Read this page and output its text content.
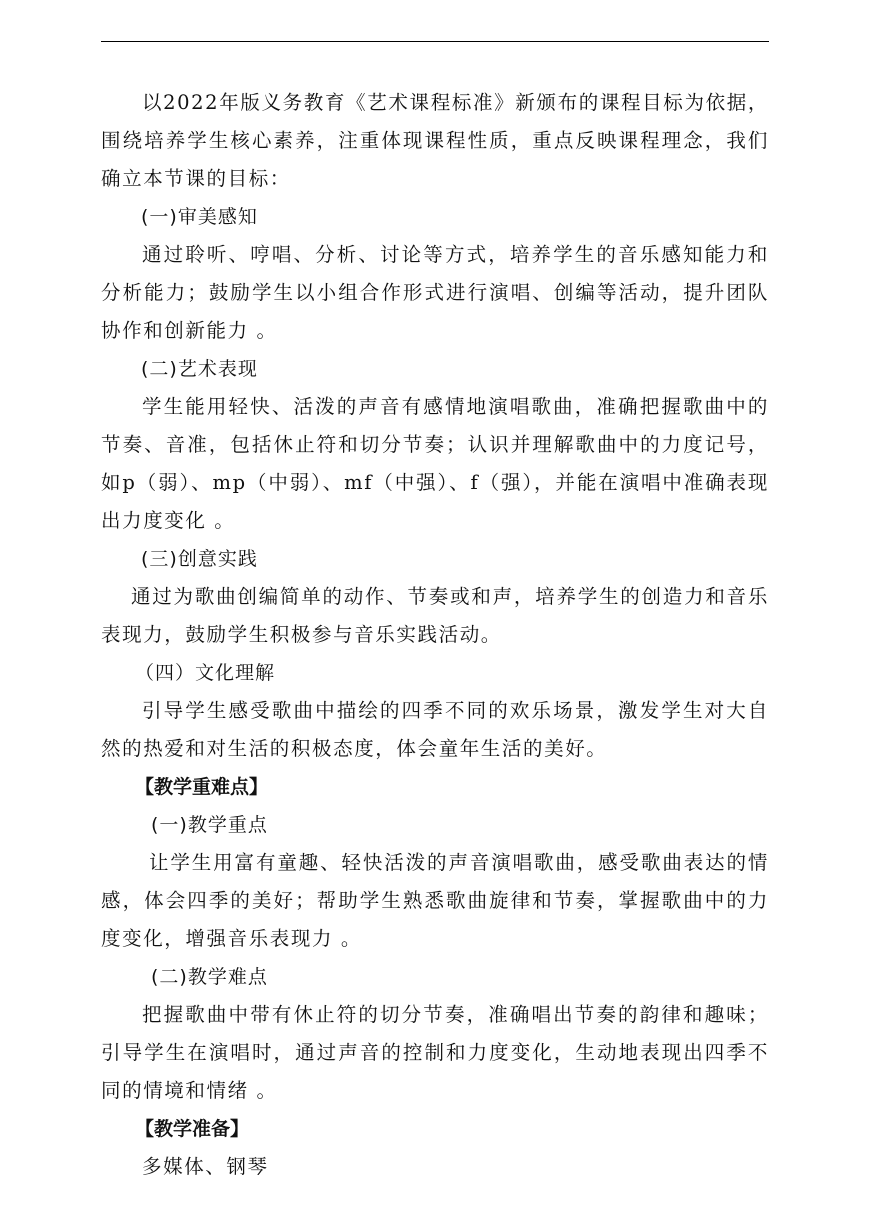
以2022年版义务教育《艺术课程标准》新颁布的课程目标为依据，围绕培养学生核心素养，注重体现课程性质，重点反映课程理念，我们确立本节课的目标：

(一)审美感知

通过聆听、哼唱、分析、讨论等方式，培养学生的音乐感知能力和分析能力；鼓励学生以小组合作形式进行演唱、创编等活动，提升团队协作和创新能力 。

(二)艺术表现

学生能用轻快、活泼的声音有感情地演唱歌曲，准确把握歌曲中的节奏、音准，包括休止符和切分节奏；认识并理解歌曲中的力度记号，如p（弱）、mp（中弱）、mf（中强）、f（强），并能在演唱中准确表现出力度变化 。

(三)创意实践

通过为歌曲创编简单的动作、节奏或和声，培养学生的创造力和音乐表现力，鼓励学生积极参与音乐实践活动。

（四）文化理解

引导学生感受歌曲中描绘的四季不同的欢乐场景，激发学生对大自然的热爱和对生活的积极态度，体会童年生活的美好。

【教学重难点】

(一)教学重点

让学生用富有童趣、轻快活泼的声音演唱歌曲，感受歌曲表达的情感，体会四季的美好；帮助学生熟悉歌曲旋律和节奏，掌握歌曲中的力度变化，增强音乐表现力 。

(二)教学难点

把握歌曲中带有休止符的切分节奏，准确唱出节奏的韵律和趣味；引导学生在演唱时，通过声音的控制和力度变化，生动地表现出四季不同的情境和情绪 。

【教学准备】

多媒体、钢琴
